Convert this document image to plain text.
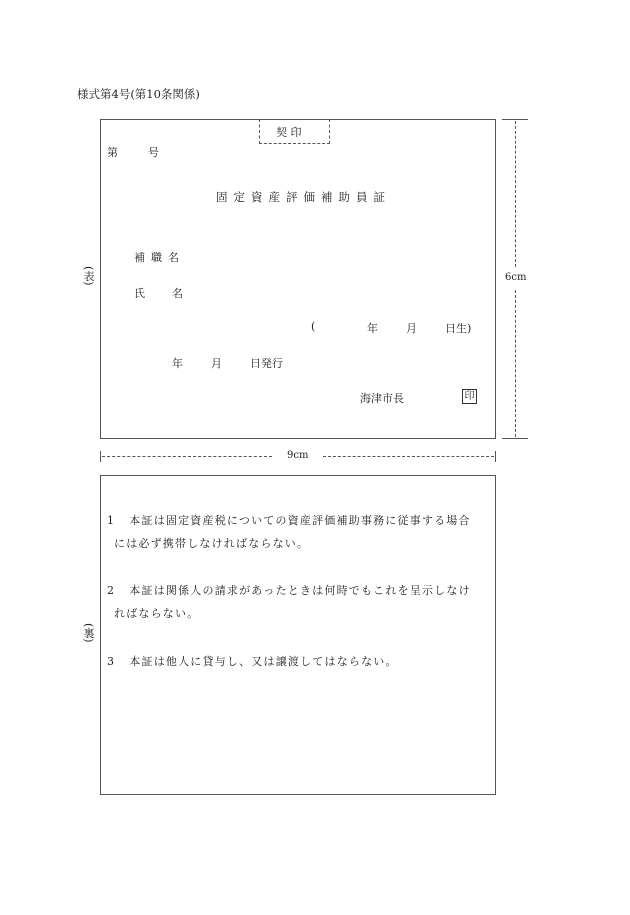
様式第4号(第10条関係)
契 印
第	号
固定資産評価補助員証
補職名
氏 名
(	年	月	日生)
年	月	日発行
海津市長	印
(表)	6cm
9cm
(裏)
1 本証は固定資産税についての資産評価補助事務に従事する場合
には必ず携帯しなければならない。
2 本証は関係人の請求があったときは何時でもこれを呈示しなけ
ればならない。
3 本証は他人に貸与し、又は譲渡してはならない。
